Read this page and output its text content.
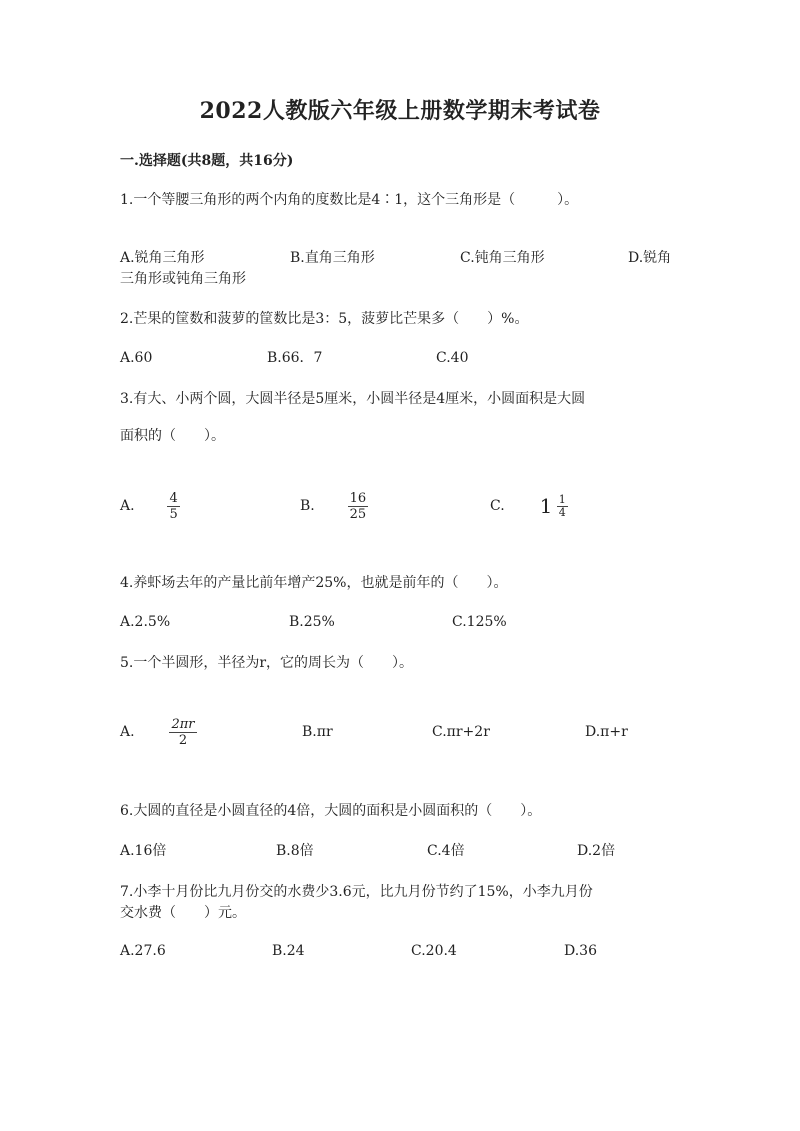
2022人教版六年级上册数学期末考试卷
一.选择题(共8题，共16分)
1.一个等腰三角形的两个内角的度数比是4∶1，这个三角形是（　　　）。
A.锐角三角形	B.直角三角形	C.钝角三角形	D.锐角
三角形或钝角三角形
2.芒果的筐数和菠萝的筐数比是3：5，菠萝比芒果多（　　）%。
A.60	B.66．7	C.40
3.有大、小两个圆，大圆半径是5厘米，小圆半径是4厘米，小圆面积是大圆
面积的（　　）。
A.	$\frac{4}{5}$	B.	$\frac{16}{25}$	C. $1 \frac{1}{4}$
4.养虾场去年的产量比前年增产25%，也就是前年的（　　）。
A.2.5%	B.25%	C.125%
5.一个半圆形，半径为r，它的周长为（　　）。
A.	$\frac{2\pi r}{2}$	B.πr	C.πr+2r	D.π+r
6.大圆的直径是小圆直径的4倍，大圆的面积是小圆面积的（　　）。
A.16倍	B.8倍	C.4倍	D.2倍
7.小李十月份比九月份交的水费少3.6元，比九月份节约了15%，小李九月份
交水费（　　）元。
A.27.6	B.24	C.20.4	D.36
